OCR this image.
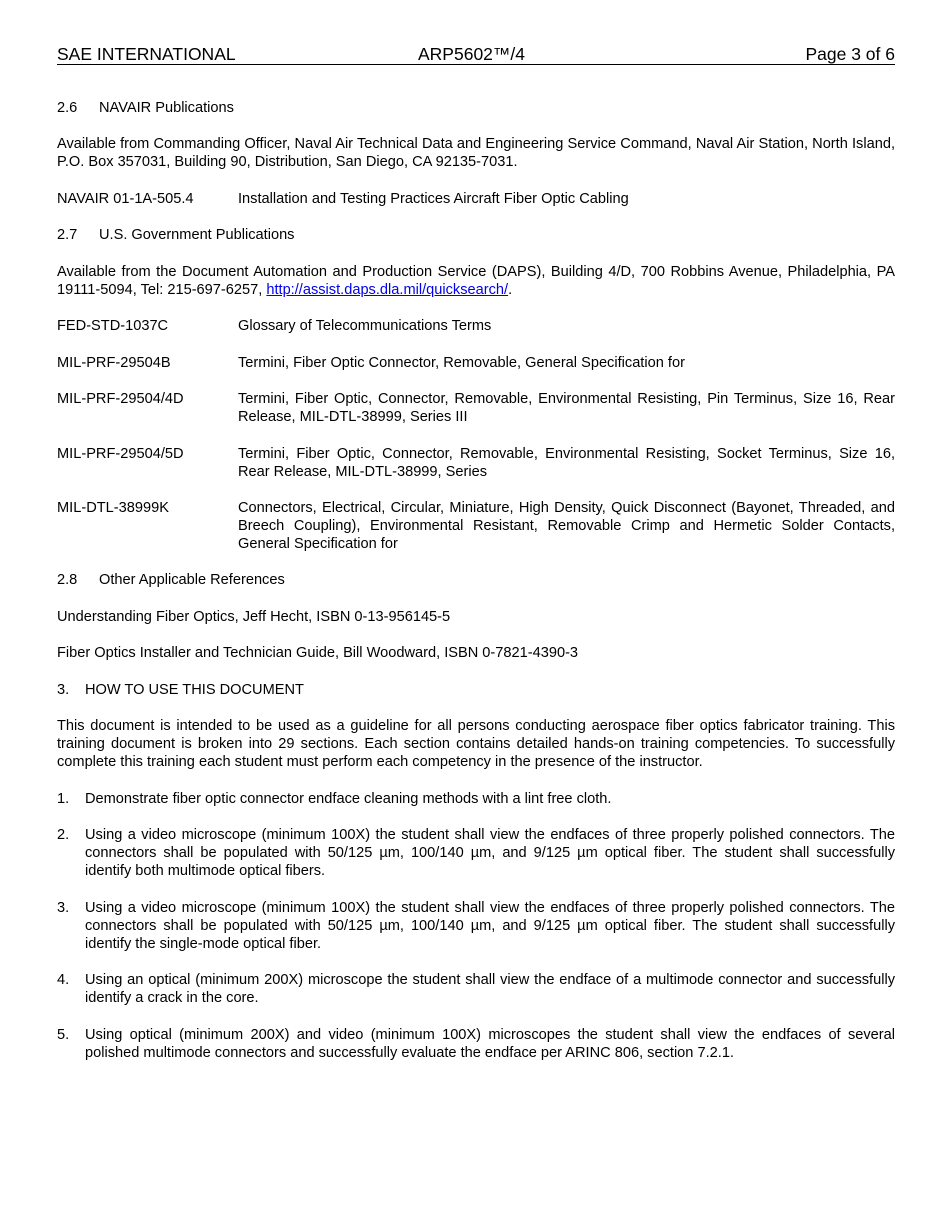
SAE INTERNATIONAL	ARP5602™/4	Page 3 of 6
2.6 NAVAIR Publications

Available from Commanding Officer, Naval Air Technical Data and Engineering Service Command, Naval Air Station, North Island, P.O. Box 357031, Building 90, Distribution, San Diego, CA 92135-7031.

NAVAIR 01-1A-505.4	Installation and Testing Practices Aircraft Fiber Optic Cabling
2.7 U.S. Government Publications

Available from the Document Automation and Production Service (DAPS), Building 4/D, 700 Robbins Avenue, Philadelphia, PA 19111-5094, Tel: 215-697-6257, http://assist.daps.dla.mil/quicksearch/.

FED-STD-1037C	Glossary of Telecommunications Terms
MIL-PRF-29504B	Termini, Fiber Optic Connector, Removable, General Specification for
MIL-PRF-29504/4D	Termini, Fiber Optic, Connector, Removable, Environmental Resisting, Pin Terminus, Size 16, Rear Release, MIL-DTL-38999, Series III
MIL-PRF-29504/5D	Termini, Fiber Optic, Connector, Removable, Environmental Resisting, Socket Terminus, Size 16, Rear Release, MIL-DTL-38999, Series
MIL-DTL-38999K	Connectors, Electrical, Circular, Miniature, High Density, Quick Disconnect (Bayonet, Threaded, and Breech Coupling), Environmental Resistant, Removable Crimp and Hermetic Solder Contacts, General Specification for
2.8 Other Applicable References

Understanding Fiber Optics, Jeff Hecht, ISBN 0-13-956145-5

Fiber Optics Installer and Technician Guide, Bill Woodward, ISBN 0-7821-4390-3

3. HOW TO USE THIS DOCUMENT

This document is intended to be used as a guideline for all persons conducting aerospace fiber optics fabricator training. This training document is broken into 29 sections. Each section contains detailed hands-on training competencies. To successfully complete this training each student must perform each competency in the presence of the instructor.

1.	Demonstrate fiber optic connector endface cleaning methods with a lint free cloth.
2.	Using a video microscope (minimum 100X) the student shall view the endfaces of three properly polished connectors. The connectors shall be populated with 50/125 µm, 100/140 µm, and 9/125 µm optical fiber. The student shall successfully identify both multimode optical fibers.
3.	Using a video microscope (minimum 100X) the student shall view the endfaces of three properly polished connectors. The connectors shall be populated with 50/125 µm, 100/140 µm, and 9/125 µm optical fiber. The student shall successfully identify the single-mode optical fiber.
4.	Using an optical (minimum 200X) microscope the student shall view the endface of a multimode connector and successfully identify a crack in the core.
5.	Using optical (minimum 200X) and video (minimum 100X) microscopes the student shall view the endfaces of several polished multimode connectors and successfully evaluate the endface per ARINC 806, section 7.2.1.
